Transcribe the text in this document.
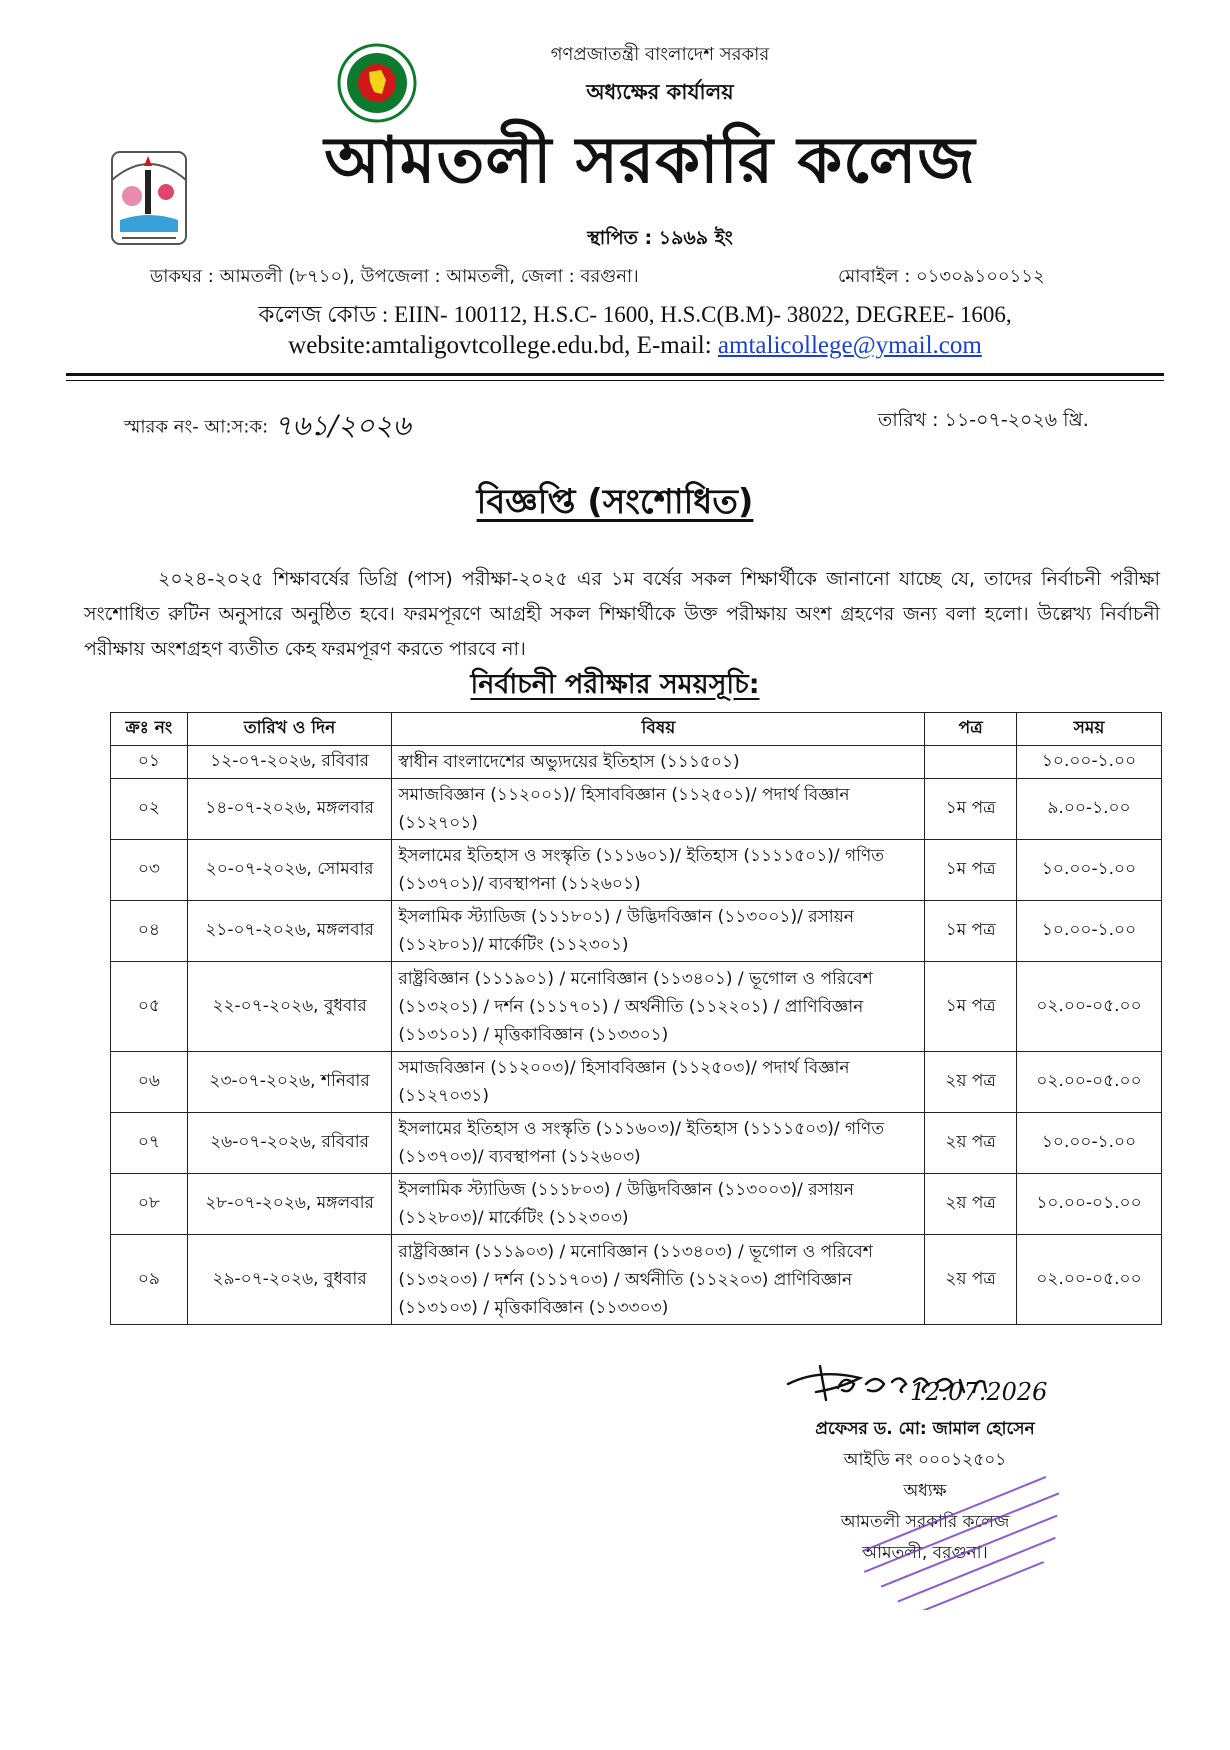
গণপ্রজাতন্ত্রী বাংলাদেশ সরকার
অধ্যক্ষের কার্যালয়
আমতলী সরকারি কলেজ
স্থাপিত : ১৯৬৯ ইং
ডাকঘর : আমতলী (৮৭১০), উপজেলা : আমতলী, জেলা : বরগুনা।	মোবাইল : ০১৩০৯১০০১১২
কলেজ কোড : EIIN- 100112, H.S.C- 1600, H.S.C(B.M)- 38022, DEGREE- 1606,
website:amtaligovtcollege.edu.bd, E-mail: amtalicollege@ymail.com
স্মারক নং- আ:স:ক: ৭৬১/২০২৬	তারিখ : ১১-০৭-২০২৬ খ্রি.
বিজ্ঞপ্তি (সংশোধিত)
২০২৪-২০২৫ শিক্ষাবর্ষের ডিগ্রি (পাস) পরীক্ষা-২০২৫ এর ১ম বর্ষের সকল শিক্ষার্থীকে জানানো যাচ্ছে যে, তাদের নির্বাচনী পরীক্ষা সংশোধিত রুটিন অনুসারে অনুষ্ঠিত হবে। ফরমপূরণে আগ্রহী সকল শিক্ষার্থীকে উক্ত পরীক্ষায় অংশ গ্রহণের জন্য বলা হলো। উল্লেখ্য নির্বাচনী পরীক্ষায় অংশগ্রহণ ব্যতীত কেহ ফরমপূরণ করতে পারবে না।
নির্বাচনী পরীক্ষার সময়সূচি:
ক্রঃ নং	তারিখ ও দিন	বিষয়	পত্র	সময়
০১	১২-০৭-২০২৬, রবিবার	স্বাধীন বাংলাদেশের অভ্যুদয়ের ইতিহাস (১১১৫০১)		১০.০০-১.০০
০২	১৪-০৭-২০২৬, মঙ্গলবার	সমাজবিজ্ঞান (১১২০০১)/ হিসাববিজ্ঞান (১১২৫০১)/ পদার্থ বিজ্ঞান (১১২৭০১)	১ম পত্র	৯.০০-১.০০
০৩	২০-০৭-২০২৬, সোমবার	ইসলামের ইতিহাস ও সংস্কৃতি (১১১৬০১)/ ইতিহাস (১১১১৫০১)/ গণিত (১১৩৭০১)/ ব্যবস্থাপনা (১১২৬০১)	১ম পত্র	১০.০০-১.০০
০৪	২১-০৭-২০২৬, মঙ্গলবার	ইসলামিক স্ট্যাডিজ (১১১৮০১) / উদ্ভিদবিজ্ঞান (১১৩০০১)/ রসায়ন (১১২৮০১)/ মার্কেটিং (১১২৩০১)	১ম পত্র	১০.০০-১.০০
০৫	২২-০৭-২০২৬, বুধবার	রাষ্ট্রবিজ্ঞান (১১১৯০১) / মনোবিজ্ঞান (১১৩৪০১) / ভূগোল ও পরিবেশ (১১৩২০১) / দর্শন (১১১৭০১) / অর্থনীতি (১১২২০১) / প্রাণিবিজ্ঞান (১১৩১০১) / মৃত্তিকাবিজ্ঞান (১১৩৩০১)	১ম পত্র	০২.০০-০৫.০০
০৬	২৩-০৭-২০২৬, শনিবার	সমাজবিজ্ঞান (১১২০০৩)/ হিসাববিজ্ঞান (১১২৫০৩)/ পদার্থ বিজ্ঞান (১১২৭০৩১)	২য় পত্র	০২.০০-০৫.০০
০৭	২৬-০৭-২০২৬, রবিবার	ইসলামের ইতিহাস ও সংস্কৃতি (১১১৬০৩)/ ইতিহাস (১১১১৫০৩)/ গণিত (১১৩৭০৩)/ ব্যবস্থাপনা (১১২৬০৩)	২য় পত্র	১০.০০-১.০০
০৮	২৮-০৭-২০২৬, মঙ্গলবার	ইসলামিক স্ট্যাডিজ (১১১৮০৩) / উদ্ভিদবিজ্ঞান (১১৩০০৩)/ রসায়ন (১১২৮০৩)/ মার্কেটিং (১১২৩০৩)	২য় পত্র	১০.০০-০১.০০
০৯	২৯-০৭-২০২৬, বুধবার	রাষ্ট্রবিজ্ঞান (১১১৯০৩) / মনোবিজ্ঞান (১১৩৪০৩) / ভূগোল ও পরিবেশ (১১৩২০৩) / দর্শন (১১১৭০৩) / অর্থনীতি (১১২২০৩) প্রাণিবিজ্ঞান (১১৩১০৩) / মৃত্তিকাবিজ্ঞান (১১৩৩০৩)	২য় পত্র	০২.০০-০৫.০০
12.07.2026
প্রফেসর ড. মো: জামাল হোসেন
আইডি নং ০০০১২৫০১
অধ্যক্ষ
আমতলী সরকারি কলেজ
আমতলী, বরগুনা।
